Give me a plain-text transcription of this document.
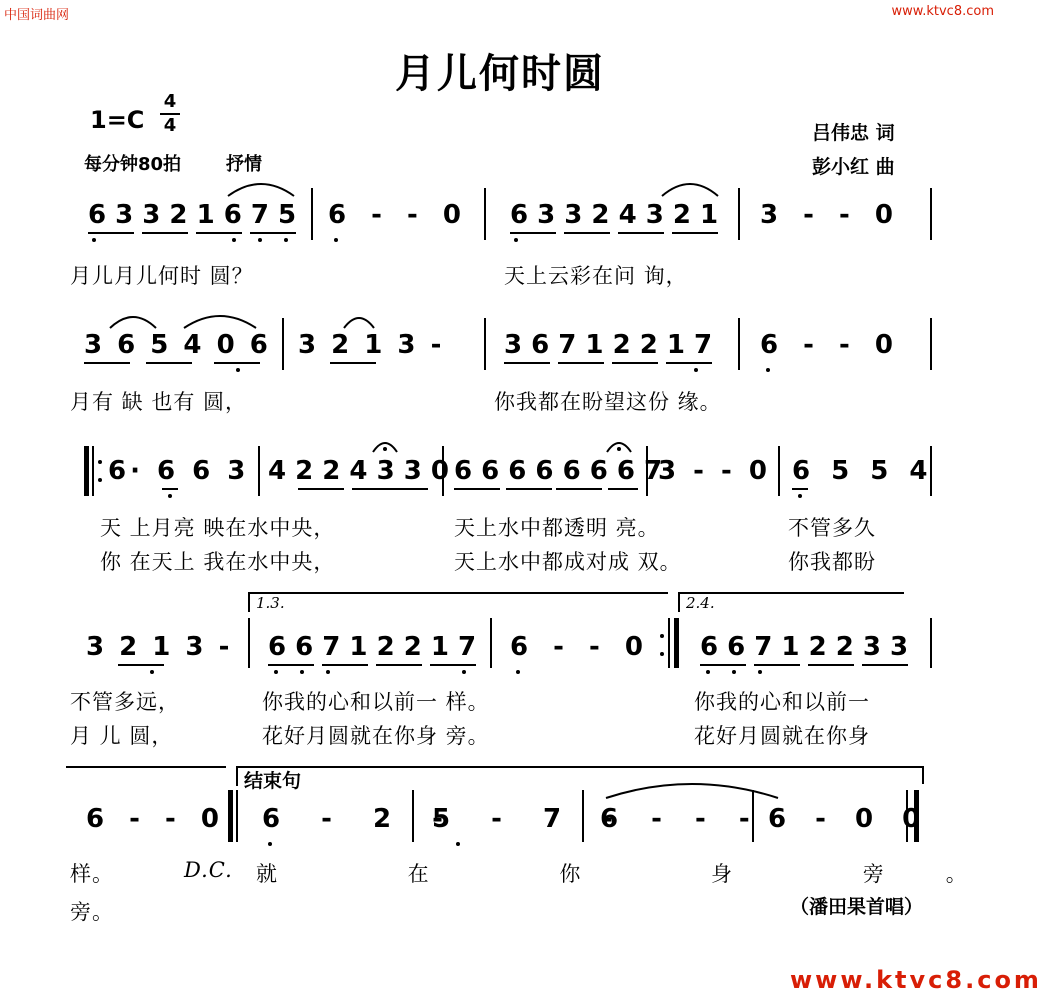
中国词曲网	www.ktvc8.com
月儿何时圆
1=C
4
4
每分钟80拍 抒情
吕伟忠 词
彭小红 曲
6 3 3 2 1 6 7 5 6 - - 0 6 3 3 2 4 3 2 1 3 - - 0
月儿月儿何时 圆？	天上云彩在问 询，
3 6 5 4 0 6 3 2 1 3 - 3 6 7 1 2 2 1 7 6 - - 0
月有 缺 也有 圆，	你我都在盼望这份 缘。
6· 6 6 3 4 2 2 4 3 3 0 6 6 6 6 6 6 6 7
3 - - 0 6 5 5 4
天 上月亮 映在水中央，	天上水中都透明 亮。	不管多久
你 在天上 我在水中央，	天上水中都成对成 双。	你我都盼
1.3.	2.4.
3 2 1 3 - 6 6 7 1 2 2 1 7 6 - - 0 6 6 7 1 2 2 3 3
不管多远，	你我的心和以前一 样。	你我的心和以前一
月 儿 圆，	花好月圆就在你身 旁。	花好月圆就在你身
结束句
6 - - 0 6 - 2 -
5 - 7 -
6 - - - 6 - 0 0
样。	D.C. 就 在 你 身 旁。
旁。	（潘田果首唱）
www.ktvc8.com
